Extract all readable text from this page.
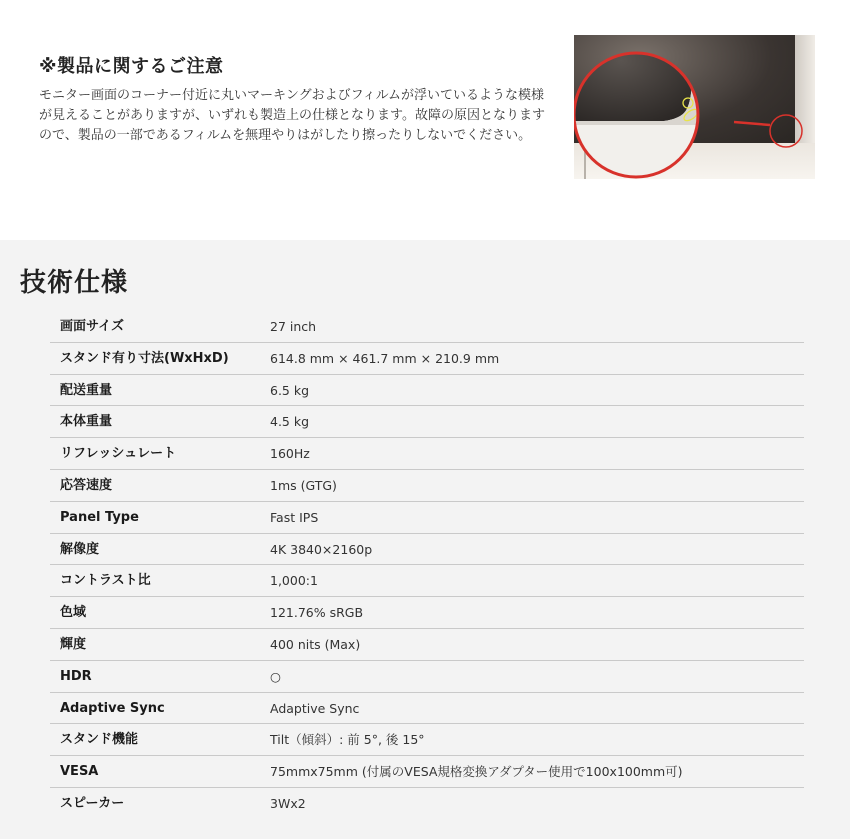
※製品に関するご注意

モニター画面のコーナー付近に丸いマーキングおよびフィルムが浮いているような模様が見えることがありますが、いずれも製造上の仕様となります。故障の原因となりますので、製品の一部であるフィルムを無理やりはがしたり擦ったりしないでください。

技術仕様
画面サイズ	27 inch
スタンド有り寸法(WxHxD)	614.8 mm × 461.7 mm × 210.9 mm
配送重量	6.5 kg
本体重量	4.5 kg
リフレッシュレート	160Hz
応答速度	1ms (GTG)
Panel Type	Fast IPS
解像度	4K 3840×2160p
コントラスト比	1,000:1
色域	121.76% sRGB
輝度	400 nits (Max)
HDR	○
Adaptive Sync	Adaptive Sync
スタンド機能	Tilt（傾斜）: 前 5°, 後 15°
VESA	75mmx75mm (付属のVESA規格変換アダプター使用で100x100mm可)
スピーカー	3Wx2
